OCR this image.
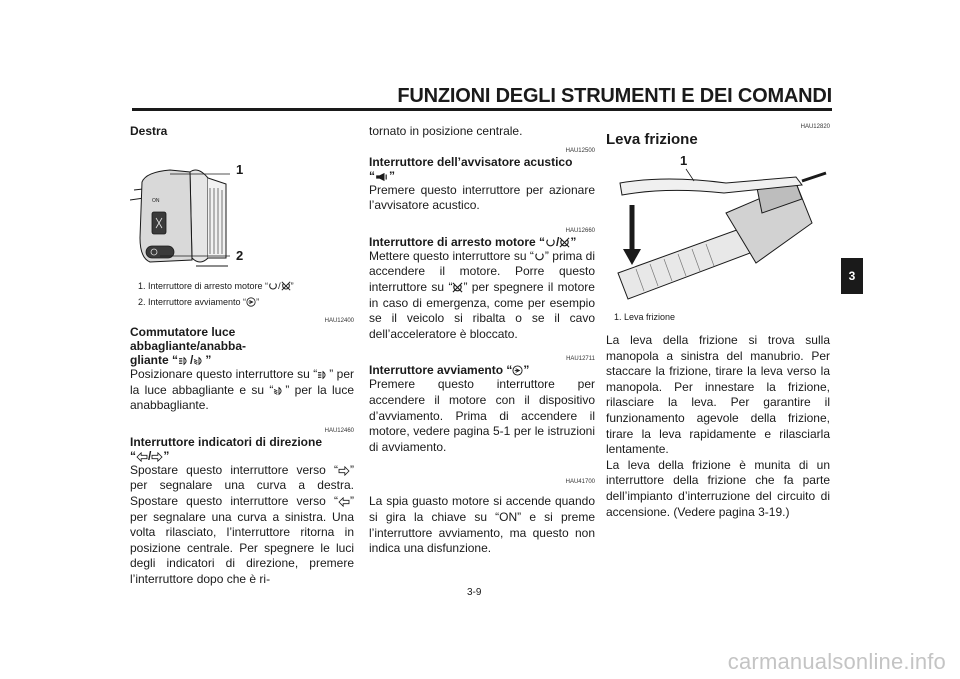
FUNZIONI DEGLI STRUMENTI E DEI COMANDI
3
Destra
ON
1
2
1. Interruttore di arresto motore “ / ”
2. Interruttore avviamento “ ”
HAU12400
Commutatore luce abbagliante/anabba-
gliante “ / ”

Posizionare questo interruttore su “ ” per la luce abbagliante e su “ ” per la luce anabbagliante.

HAU12460
Interruttore indicatori di direzione
“ / ”

Spostare questo interruttore verso “ ” per segnalare una curva a destra. Spostare questo interruttore verso “ ” per segnalare una curva a sinistra. Una volta rilasciato, l’interruttore ritorna in posizione centrale. Per spegnere le luci degli indicatori di direzione, premere l’interruttore dopo che è ri-

tornato in posizione centrale.

HAU12500
Interruttore dell’avvisatore acustico
“ ”

Premere questo interruttore per azionare l’avvisatore acustico.

HAU12660
Interruttore di arresto motore “ / ”

Mettere questo interruttore su “ ” prima di accendere il motore. Porre questo interruttore su “ ” per spegnere il motore in caso di emergenza, come per esempio se il veicolo si ribalta o se il cavo dell’acceleratore è bloccato.

HAU12711
Interruttore avviamento “ ”

Premere questo interruttore per accendere il motore con il dispositivo d’avviamento. Prima di accendere il motore, vedere pagina 5-1 per le istruzioni di avviamento.

HAU41700

La spia guasto motore si accende quando si gira la chiave su “ON” e si preme l’interruttore avviamento, ma questo non indica una disfunzione.

HAU12820
Leva frizione
1
1. Leva frizione

La leva della frizione si trova sulla manopola a sinistra del manubrio. Per staccare la frizione, tirare la leva verso la manopola. Per innestare la frizione, rilasciare la leva. Per garantire il funzionamento agevole della frizione, tirare la leva rapidamente e rilasciarla lentamente.

La leva della frizione è munita di un interruttore della frizione che fa parte dell’impianto d’interruzione del circuito di accensione. (Vedere pagina 3-19.)

3-9
carmanualsonline.info
